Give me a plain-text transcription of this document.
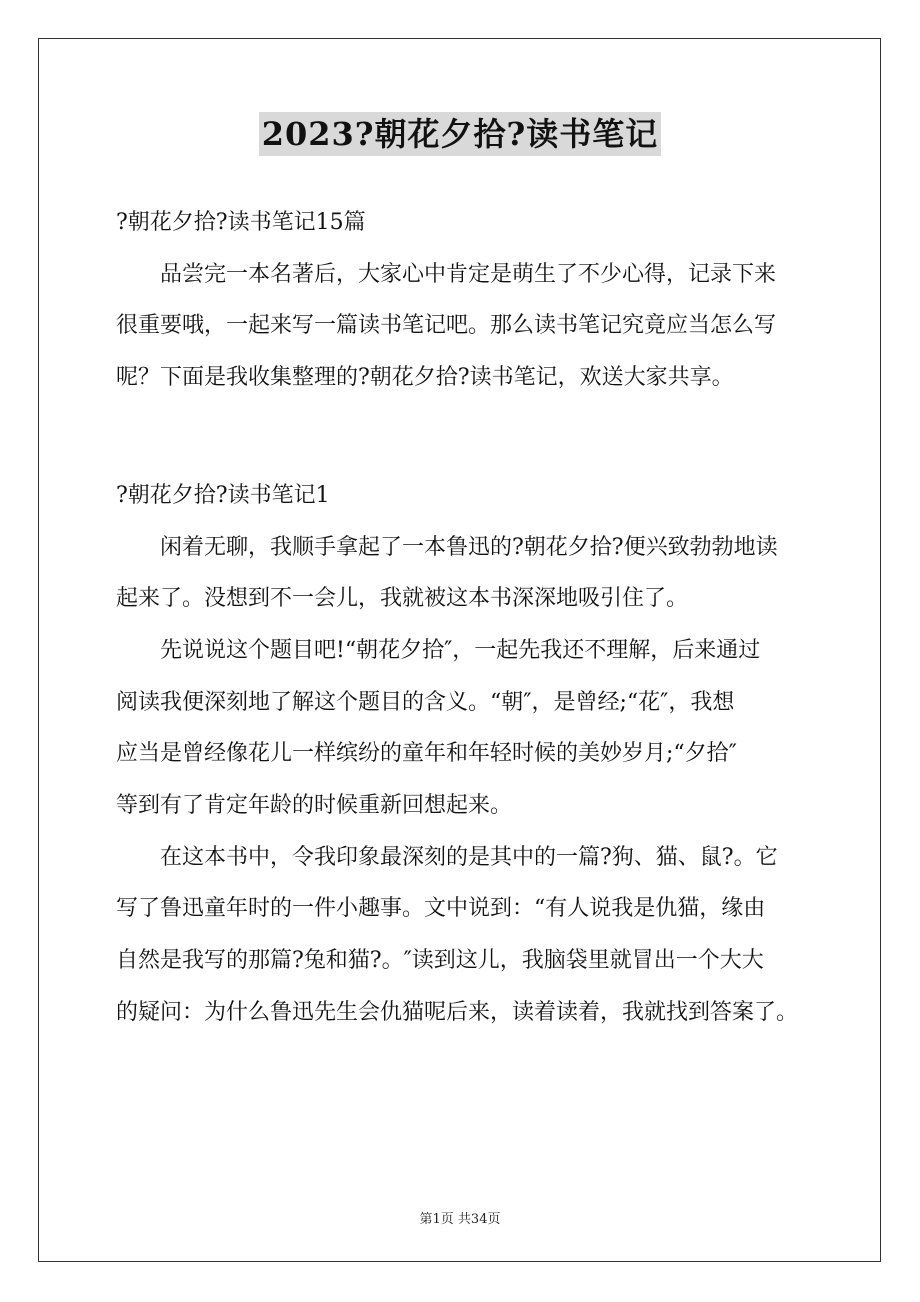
2023?朝花夕拾?读书笔记

?朝花夕拾?读书笔记15篇

品尝完一本名著后，大家心中肯定是萌生了不少心得，记录下来

很重要哦，一起来写一篇读书笔记吧。那么读书笔记究竟应当怎么写

呢？下面是我收集整理的?朝花夕拾?读书笔记，欢送大家共享。

?朝花夕拾?读书笔记1

闲着无聊，我顺手拿起了一本鲁迅的?朝花夕拾?便兴致勃勃地读

起来了。没想到不一会儿，我就被这本书深深地吸引住了。

先说说这个题目吧!“朝花夕拾″，一起先我还不理解，后来通过

阅读我便深刻地了解这个题目的含义。“朝″，是曾经;“花″，我想

应当是曾经像花儿一样缤纷的童年和年轻时候的美妙岁月;“夕拾″

等到有了肯定年龄的时候重新回想起来。

在这本书中，令我印象最深刻的是其中的一篇?狗、猫、鼠?。它

写了鲁迅童年时的一件小趣事。文中说到：“有人说我是仇猫，缘由

自然是我写的那篇?兔和猫?。″读到这儿，我脑袋里就冒出一个大大

的疑问：为什么鲁迅先生会仇猫呢后来，读着读着，我就找到答案了。

第1页 共34页
